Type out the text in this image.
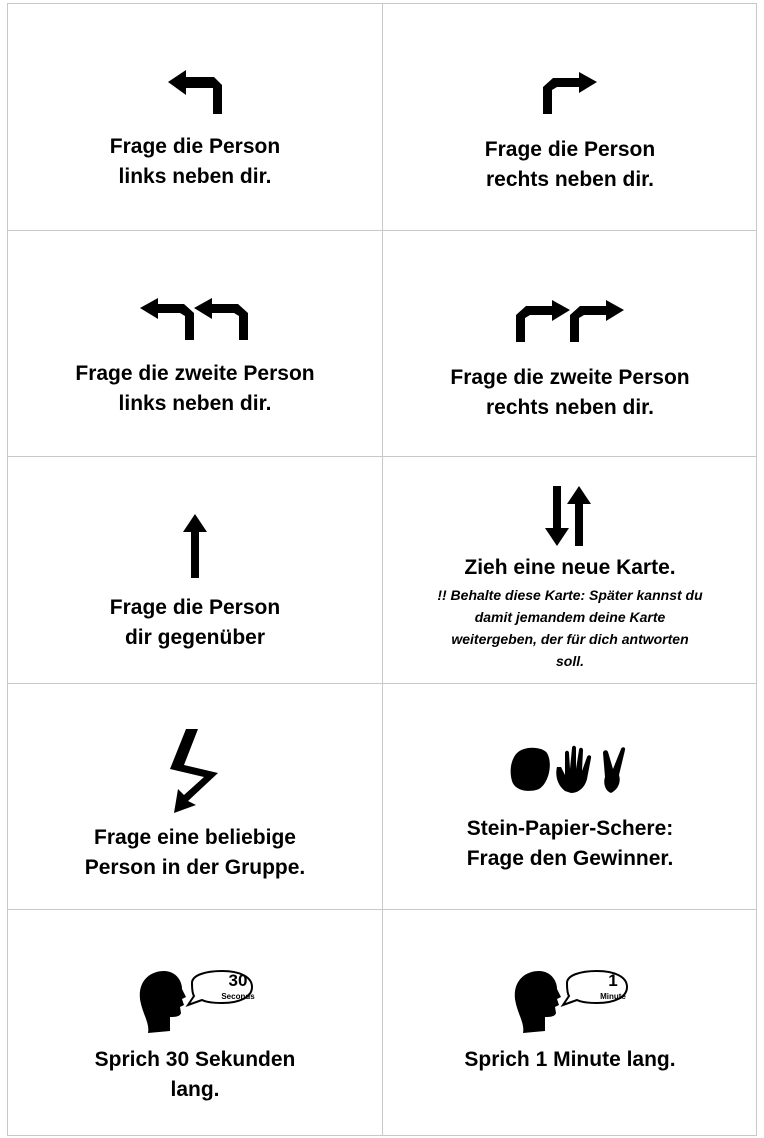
Frage die Person
links neben dir.
Frage die Person
rechts neben dir.
Frage die zweite Person
links neben dir.
Frage die zweite Person
rechts neben dir.
Frage die Person
dir gegenüber
Zieh eine neue Karte.
!! Behalte diese Karte: Später kannst du
damit jemandem deine Karte
weitergeben, der für dich antworten
soll.
Frage eine beliebige
Person in der Gruppe.
Stein-Papier-Schere:
Frage den Gewinner.
30
Seconds
Sprich 30 Sekunden
lang.
1
Minute
Sprich 1 Minute lang.
